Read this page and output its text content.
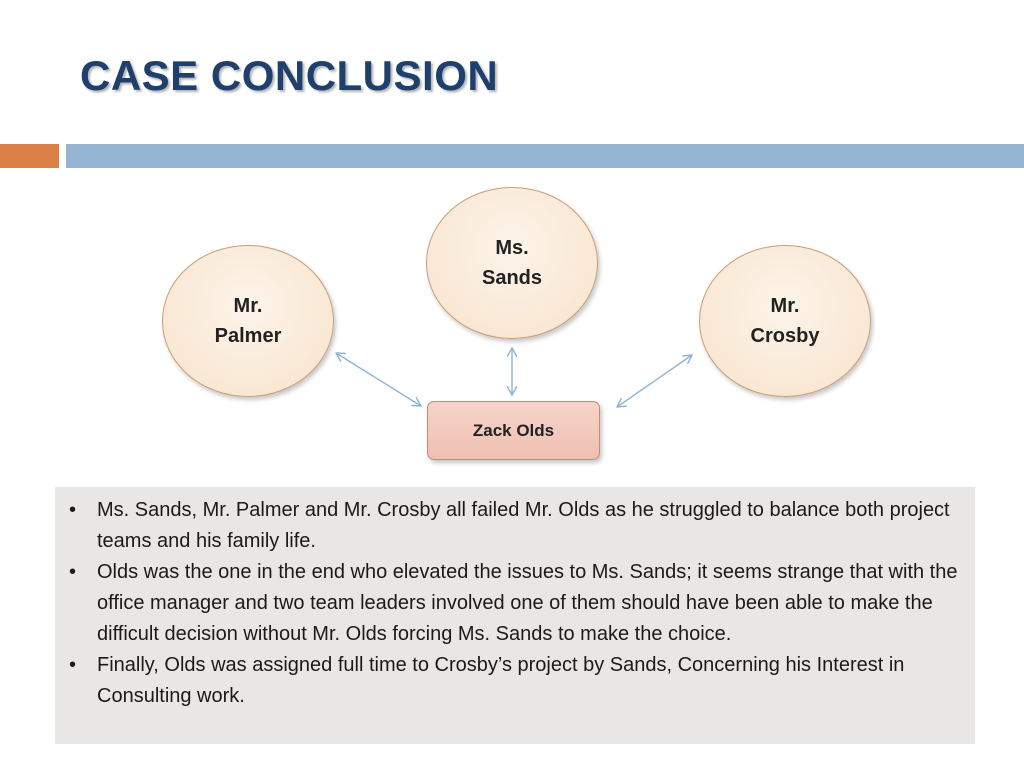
CASE CONCLUSION
Ms.
Sands
Mr.
Palmer
Mr.
Crosby
Zack Olds
• Ms. Sands, Mr. Palmer and Mr. Crosby all failed Mr. Olds as he struggled to balance both project teams and his family life.
• Olds was the one in the end who elevated the issues to Ms. Sands; it seems strange that with the office manager and two team leaders involved one of them should have been able to make the difficult decision without Mr. Olds forcing Ms. Sands to make the choice.
• Finally, Olds was assigned full time to Crosby’s project by Sands, Concerning his Interest in Consulting work.
